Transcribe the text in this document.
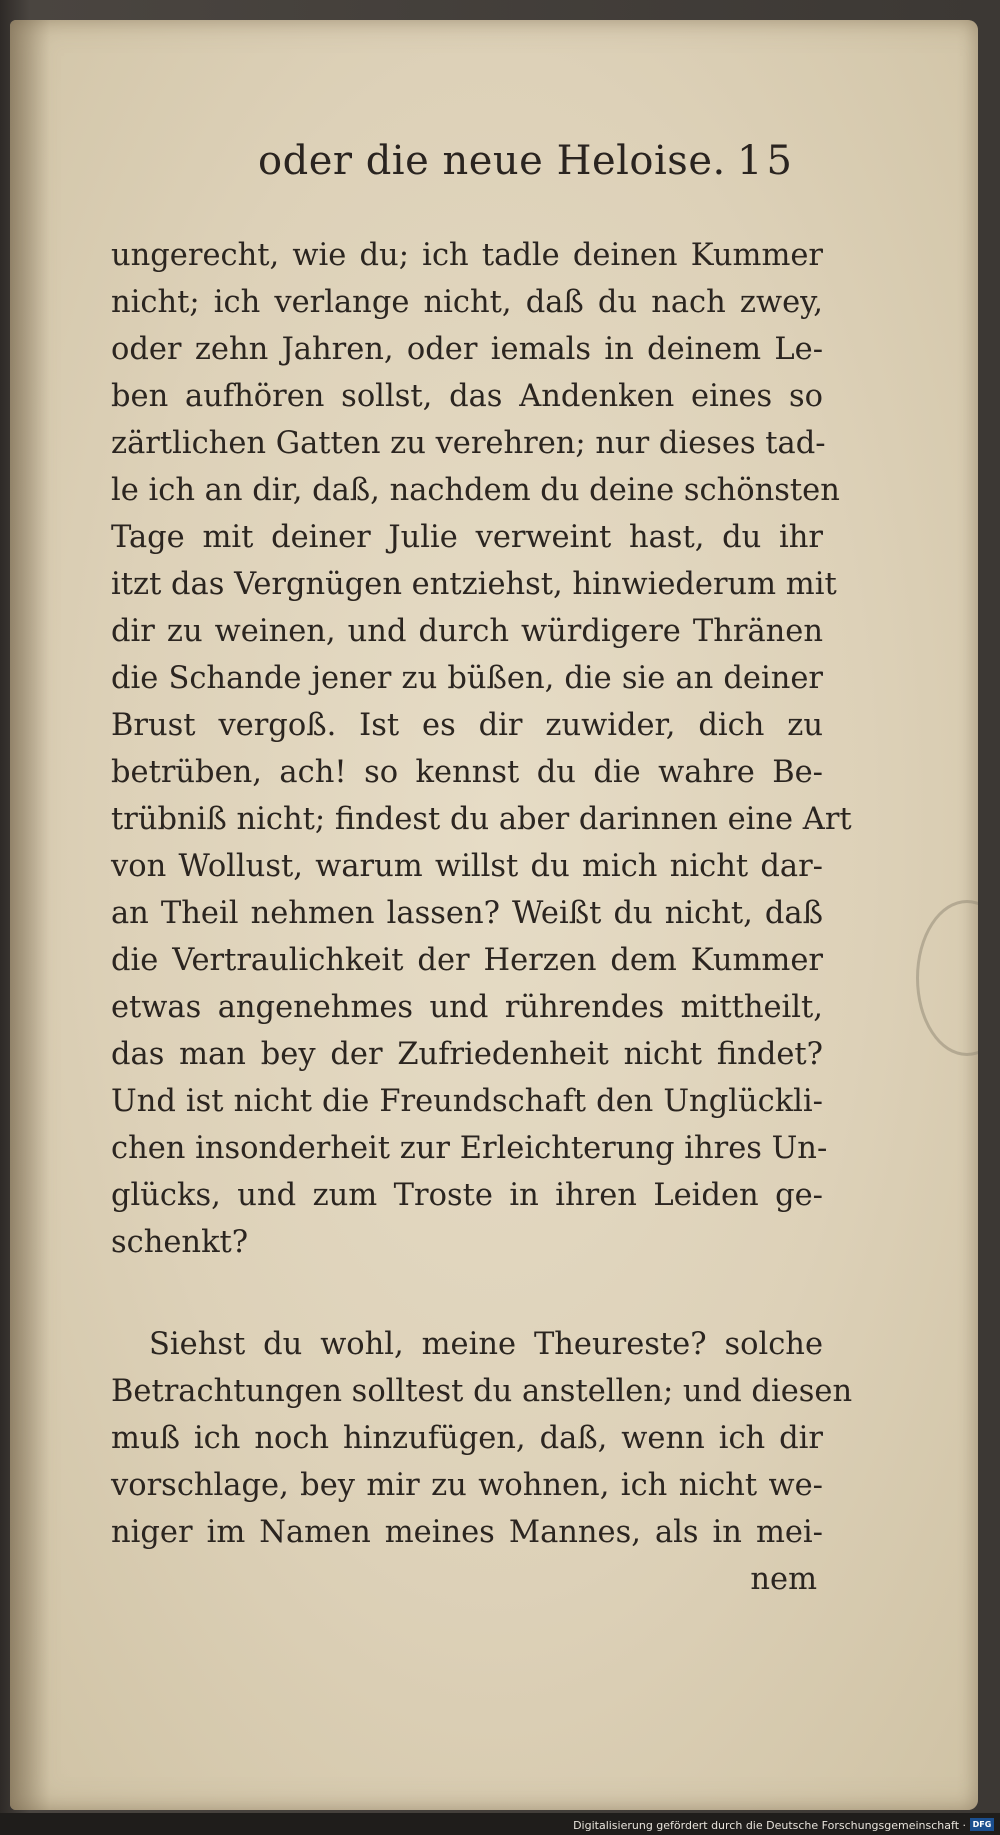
oder die neue Heloise. 15
ungerecht, wie du; ich tadle deinen Kummer
nicht; ich verlange nicht, daß du nach zwey,
oder zehn Jahren, oder iemals in deinem Le-
ben aufhören sollst, das Andenken eines so
zärtlichen Gatten zu verehren; nur dieses tad-
le ich an dir, daß, nachdem du deine schönsten
Tage mit deiner Julie verweint hast, du ihr
itzt das Vergnügen entziehst, hinwiederum mit
dir zu weinen, und durch würdigere Thränen
die Schande jener zu büßen, die sie an deiner
Brust vergoß. Ist es dir zuwider, dich zu
betrüben, ach! so kennst du die wahre Be-
trübniß nicht; findest du aber darinnen eine Art
von Wollust, warum willst du mich nicht dar-
an Theil nehmen lassen? Weißt du nicht, daß
die Vertraulichkeit der Herzen dem Kummer
etwas angenehmes und rührendes mittheilt,
das man bey der Zufriedenheit nicht findet?
Und ist nicht die Freundschaft den Unglückli-
chen insonderheit zur Erleichterung ihres Un-
glücks, und zum Troste in ihren Leiden ge-
schenkt?
Siehst du wohl, meine Theureste? solche
Betrachtungen solltest du anstellen; und diesen
muß ich noch hinzufügen, daß, wenn ich dir
vorschlage, bey mir zu wohnen, ich nicht we-
niger im Namen meines Mannes, als in mei-
nem
Digitalisierung gefördert durch die Deutsche Forschungsgemeinschaft · DFG
